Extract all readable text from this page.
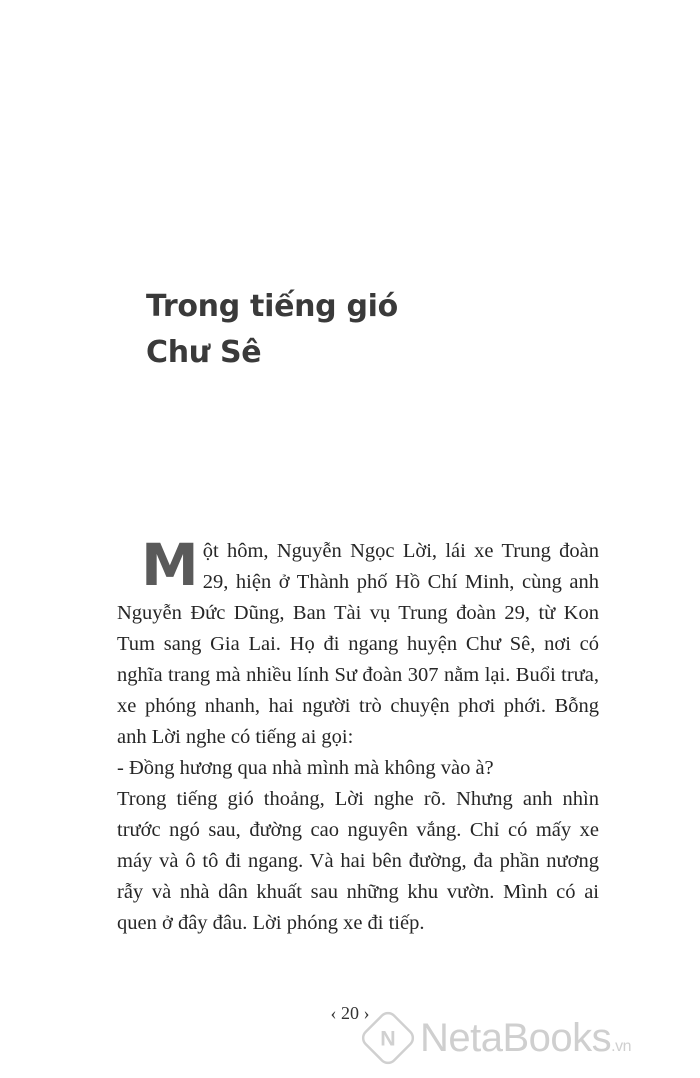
Trong tiếng gió
Chư Sê

Một hôm, Nguyễn Ngọc Lời, lái xe Trung đoàn 29, hiện ở Thành phố Hồ Chí Minh, cùng anh Nguyễn Đức Dũng, Ban Tài vụ Trung đoàn 29, từ Kon Tum sang Gia Lai. Họ đi ngang huyện Chư Sê, nơi có nghĩa trang mà nhiều lính Sư đoàn 307 nằm lại. Buổi trưa, xe phóng nhanh, hai người trò chuyện phơi phới. Bỗng anh Lời nghe có tiếng ai gọi:

- Đồng hương qua nhà mình mà không vào à?

Trong tiếng gió thoảng, Lời nghe rõ. Nhưng anh nhìn trước ngó sau, đường cao nguyên vắng. Chỉ có mấy xe máy và ô tô đi ngang. Và hai bên đường, đa phần nương rẫy và nhà dân khuất sau những khu vườn. Mình có ai quen ở đây đâu. Lời phóng xe đi tiếp.

‹ 20 ›
N NetaBooks.vn
